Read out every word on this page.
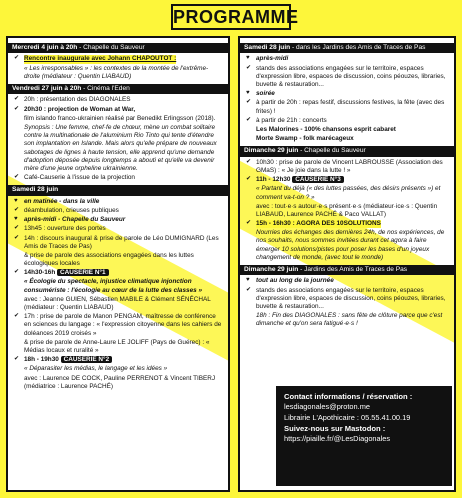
PROGRAMME
Mercredi 4 juin à 20h - Chapelle du Sauveur
✔ Rencontre inaugurale avec Johann CHAPOUTOT :
« Les irresponsables » : les contextes de la montée de l'extrême-droite (médiateur : Quentin LIABAUD)
Vendredi 27 juin à 20h - Cinéma l'Eden
✔ 20h : présentation des DIAGONALES
✔ 20h30 : projection de Woman at War,
film islando franco-ukrainien réalisé par Benedikt Erlingsson (2018).
Synopsis : Une femme, chef·fe de chœur, mène un combat solitaire contre la multinationale de l'aluminium Rio Tinto qui tente d'étendre son implantation en Islande. Mais alors qu'elle prépare de nouveaux sabotages de lignes à haute tension, elle apprend qu'une demande d'adoption déposée depuis longtemps a abouti et qu'elle va devenir mère d'une jeune orpheline ukrainienne.
✔ Café-Causerie à l'issue de la projection
Samedi 28 juin
♥	en matinée - dans la ville
✔ déambulation, crieuses publiques
♥	après-midi - Chapelle du Sauveur
✔ 13h45 : ouverture des portes
✔ 14h : discours inaugural & prise de parole de Léo DUMIGNARD (Les Amis de Traces de Pas)
& prise de parole des associations engagées dans les luttes écologiques locales
✔ 14h30-16h CAUSERIE N°1
« Écologie du spectacle, injustice climatique injonction consumériste : l'écologie au cœur de la lutte des classes »
avec : Jeanne GUIEN, Sébastien MABILE & Clément SÉNÉCHAL (médiateur : Quentin LIABAUD)
✔ 17h : prise de parole de Manon PENGAM, maîtresse de conférence en sciences du langage : « l'expression citoyenne dans les cahiers de doléances 2019 croisés »
& prise de parole de Anne-Laure LE JOLIFF (Pays de Guérec) : « Médias locaux et ruralité »
✔ 18h - 19h30 CAUSERIE N°2
« Déparasiter les médias, le langage et les idées »
avec : Laurence DE COCK, Pauline PERRENOT & Vincent TIBERJ (médiatrice : Laurence PACHÉ)
Samedi 28 juin - dans les Jardins des Amis de Traces de Pas
♥	après-midi
✔ stands des associations engagées sur le territoire, espaces d'expression libre, espaces de discussion, coins péouzes, libraries, buvette & restauration...
♥	soirée
✔ à partir de 20h : repas festif, discussions festives, la fête (avec des frites) !
✔ à partir de 21h : concerts
Les Malorines - 100% chansons esprit cabaret
Morte Swamp - folk marécageux
Dimanche 29 juin - Chapelle du Sauveur
✔ 10h30 : prise de parole de Vincent LABROUSSE (Association des GMaS) : « Je joie dans la lutte ! »
✔ 11h - 12h30 CAUSERIE N°3
« Partant du déjà (« des luttes passées, des désirs présents ») et comment va-t-on ? »
avec : tout·e·s autour·e·s présent·e·s (médiateur·ice·s : Quentin LIABAUD, Laurence PACHÉ & Paco VALLAT)
✔ 15h - 16h30 : AGORA DES 10SOLUTIONS
Nourries des échanges des dernières 24h, de nos expériences, de nos souhaits, nous sommes invitées durant cet agora à faire émerger 10 solutions/pistes pour poser les bases d'un joyeux changement de monde, (avec tout le monde)
Dimanche 29 juin - Jardins des Amis de Traces de Pas
♥	tout au long de la journée
✔ stands des associations engagées sur le territoire, espaces d'expression libre, espaces de discussion, coins péouzes, libraries, buvette & restauration...
18h : Fin des DIAGONALES : sans fête de clôture parce que c'est dimanche et qu'on sera fatigué·e·s !
Contact informations / réservation :
lesdiagonales@proton.me
Librairie L'Apothicaire : 05.55.41.00.19
Suivez-nous sur Mastodon :
https://piaille.fr/@LesDiagonales
